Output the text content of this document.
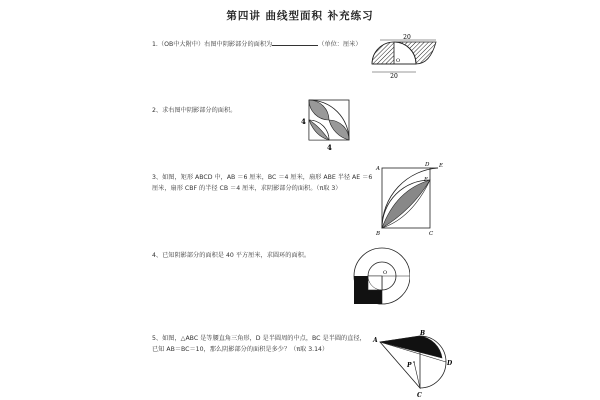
第四讲 曲线型面积 补充练习
1.（OB中大附中）右图中阴影部分的面积为	（单位：厘米）
20
O
20
2、求右图中阴影部分的面积。
4
4
3、如图，矩形 ABCD 中，AB ＝6 厘米，BC ＝4 厘米，扇形 ABE 半径 AE ＝6
厘米，扇形 CBF 的半径 CB ＝4 厘米，求阴影部分的面积。（π取 3）
A
B	C
D E
F
4、已知阴影部分的面积是 40 平方厘米，求圆环的面积。
O
5、如图，△ABC 是等腰直角三角形，D 是半圆周的中点，BC 是半圆的直径，
已知 AB＝BC＝10，那么阴影部分的面积是多少？（π取 3.14）
A
B
C
D
P
